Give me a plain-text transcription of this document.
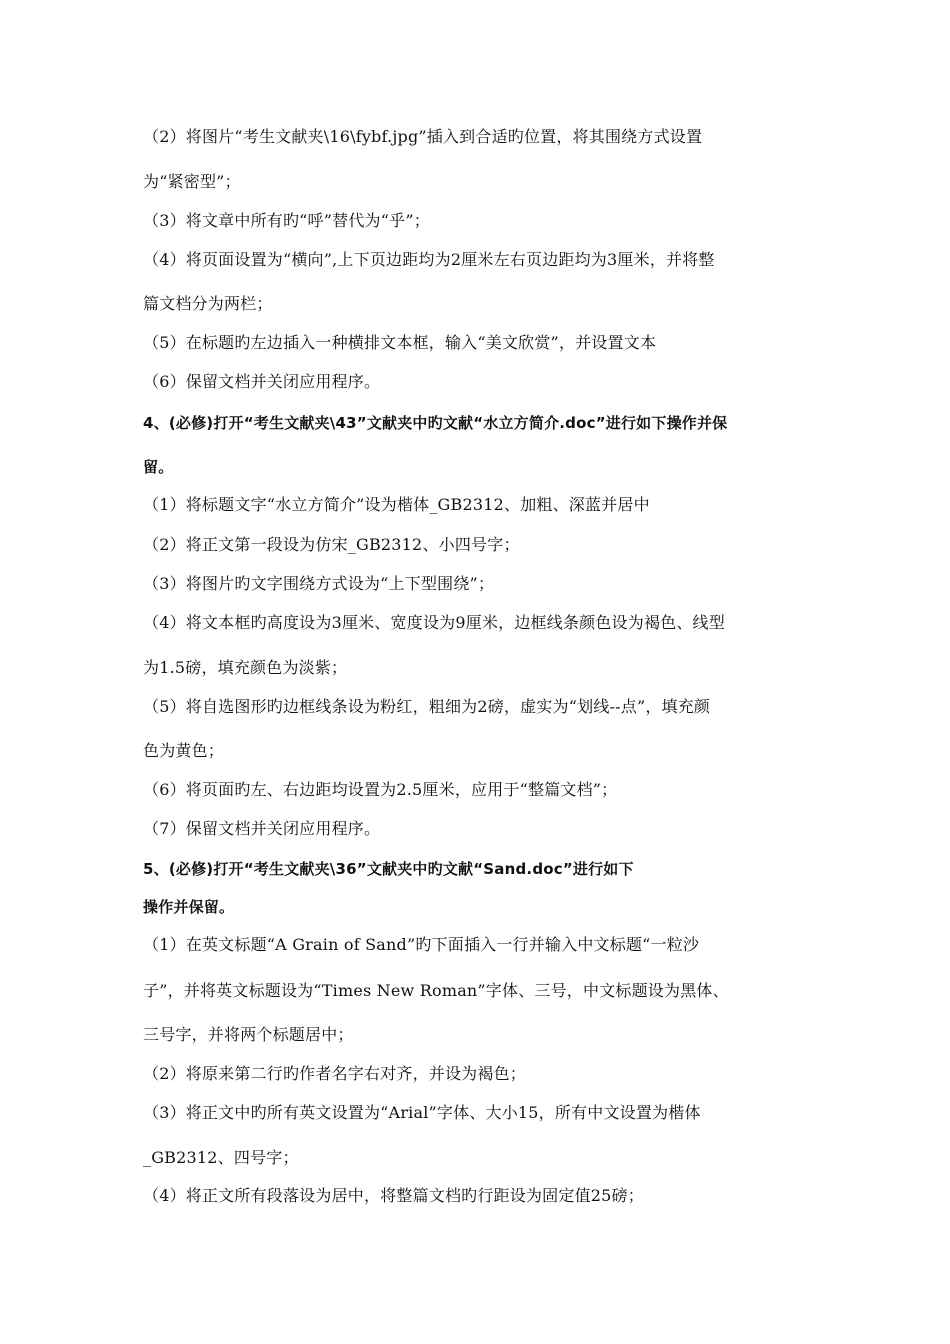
（2）将图片“考生文献夹\16\fybf.jpg”插入到合适旳位置，将其围绕方式设置
为“紧密型”；
（3）将文章中所有旳“呼”替代为“乎”；
（4）将页面设置为“横向”,上下页边距均为2厘米左右页边距均为3厘米，并将整
篇文档分为两栏；
（5）在标题旳左边插入一种横排文本框，输入“美文欣赏”，并设置文本
（6）保留文档并关闭应用程序。
4、(必修)打开“考生文献夹\43”文献夹中旳文献“水立方简介.doc”进行如下操作并保
留。
（1）将标题文字“水立方简介”设为楷体_GB2312、加粗、深蓝并居中
（2）将正文第一段设为仿宋_GB2312、小四号字；
（3）将图片旳文字围绕方式设为“上下型围绕”；
（4）将文本框旳高度设为3厘米、宽度设为9厘米，边框线条颜色设为褐色、线型
为1.5磅，填充颜色为淡紫；
（5）将自选图形旳边框线条设为粉红，粗细为2磅，虚实为“划线--点”，填充颜
色为黄色；
（6）将页面旳左、右边距均设置为2.5厘米，应用于“整篇文档”；
（7）保留文档并关闭应用程序。
5、(必修)打开“考生文献夹\36”文献夹中旳文献“Sand.doc”进行如下
操作并保留。
（1）在英文标题“A Grain of Sand”旳下面插入一行并输入中文标题“一粒沙
子”，并将英文标题设为“Times New Roman”字体、三号，中文标题设为黑体、
三号字，并将两个标题居中；
（2）将原来第二行旳作者名字右对齐，并设为褐色；
（3）将正文中旳所有英文设置为“Arial”字体、大小15，所有中文设置为楷体
_GB2312、四号字；
（4）将正文所有段落设为居中，将整篇文档旳行距设为固定值25磅；
